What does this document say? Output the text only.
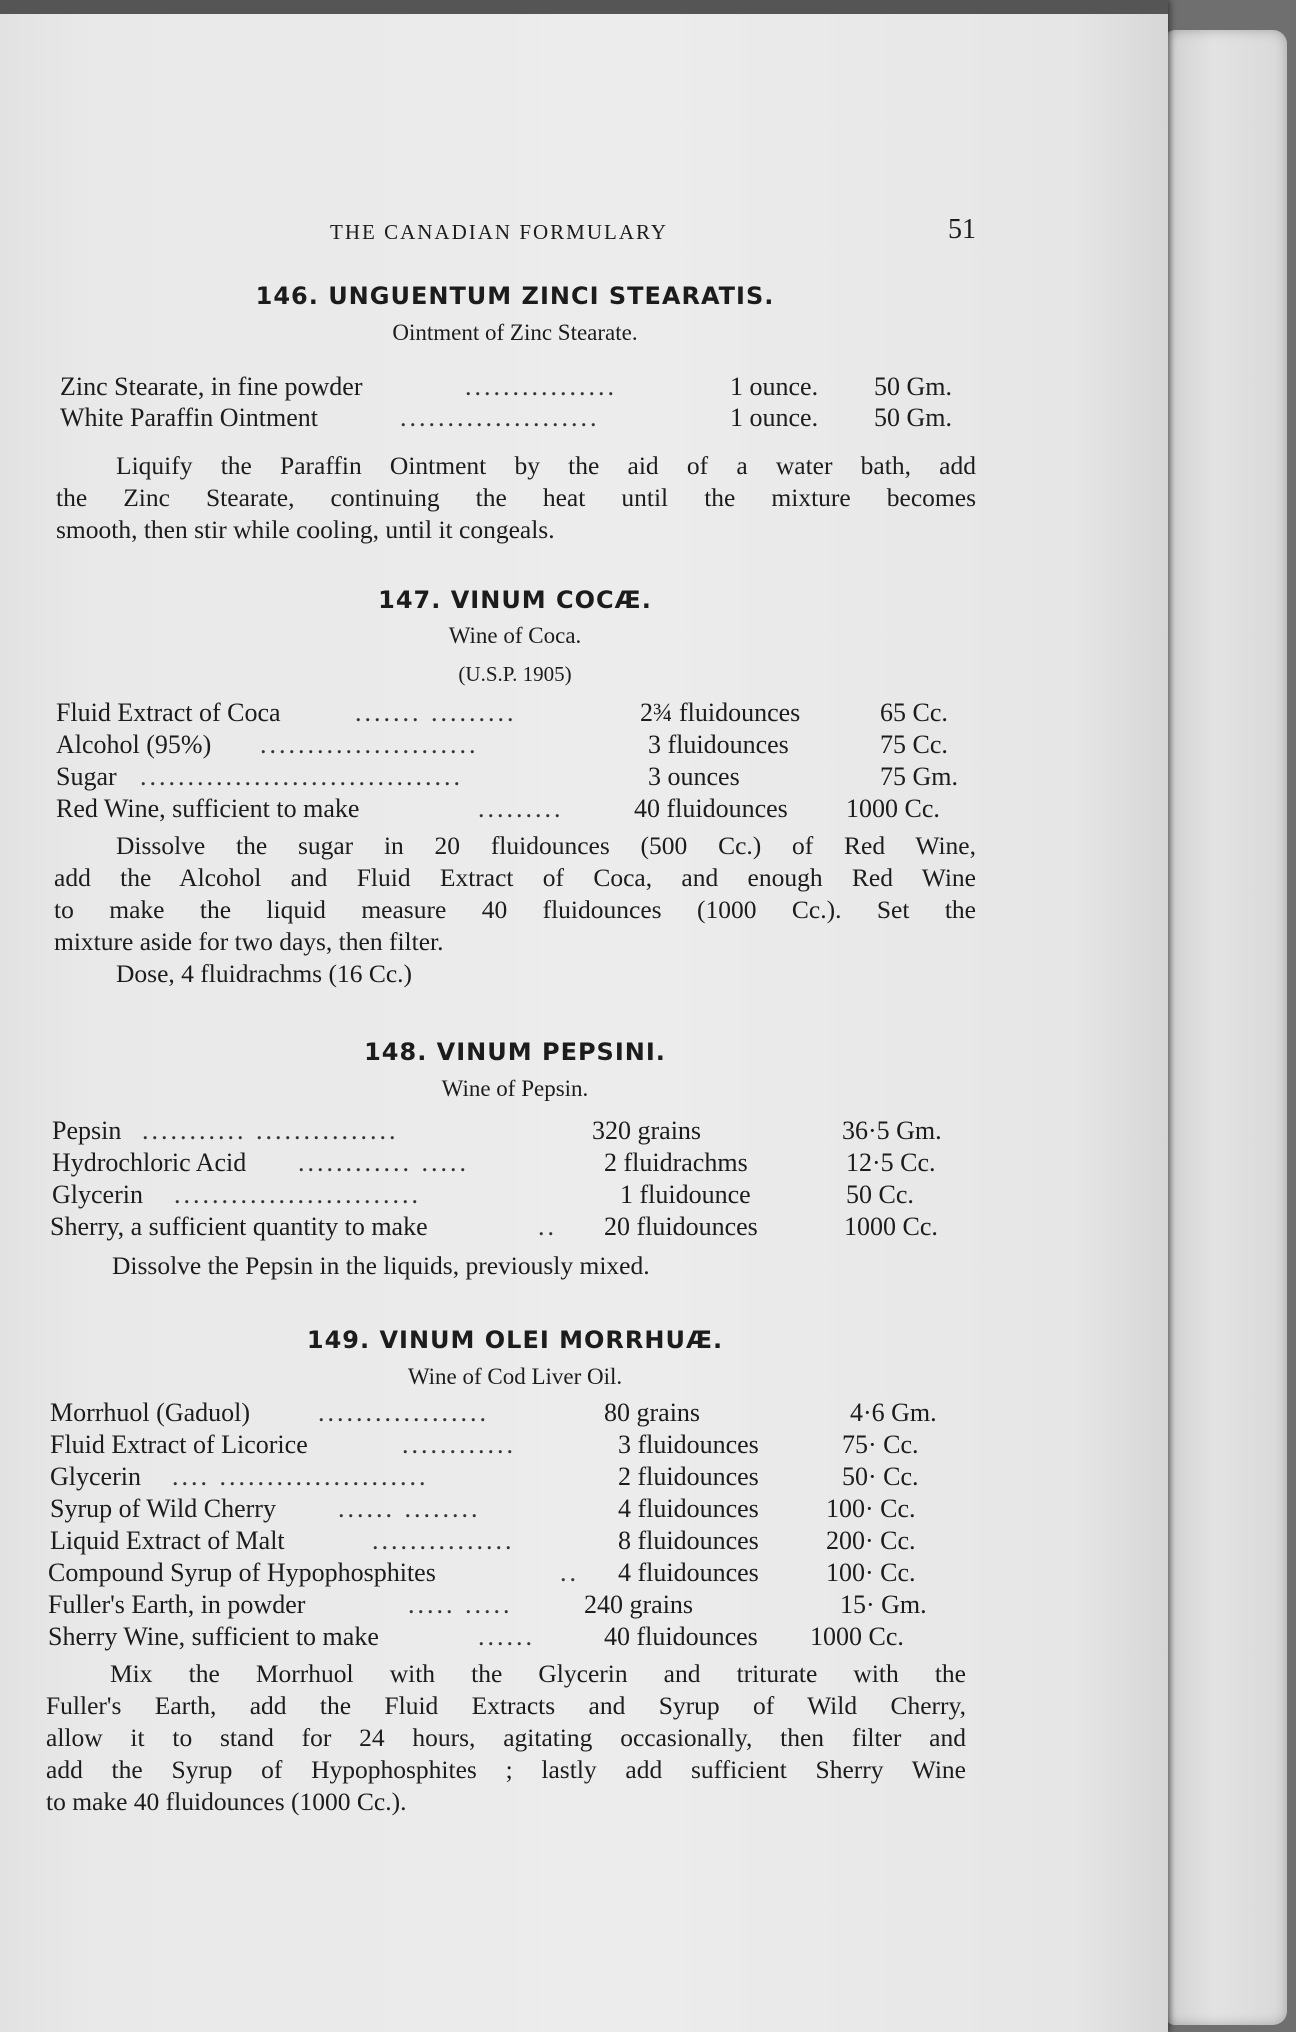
THE CANADIAN FORMULARY	51
146. UNGUENTUM ZINCI STEARATIS.
Ointment of Zinc Stearate.
Zinc Stearate, in fine powder	................	1 ounce. 50 Gm.
White Paraffin Ointment	.....................	1 ounce. 50 Gm.
Liquify the Paraffin Ointment by the aid of a water bath, add
the Zinc Stearate, continuing the heat until the mixture becomes
smooth, then stir while cooling, until it congeals.
147. VINUM COCÆ.
Wine of Coca.
(U.S.P. 1905)
Fluid Extract of Coca	....... .........	2¾ fluidounces	65 Cc.
Alcohol (95%) .......................	3 fluidounces	75 Cc.
Sugar ..................................	3 ounces	75 Gm.
Red Wine, sufficient to make	.........	40 fluidounces 1000 Cc.
Dissolve the sugar in 20 fluidounces (500 Cc.) of Red Wine,
add the Alcohol and Fluid Extract of Coca, and enough Red Wine
to make the liquid measure 40 fluidounces (1000 Cc.). Set the
mixture aside for two days, then filter.
Dose, 4 fluidrachms (16 Cc.)
148. VINUM PEPSINI.
Wine of Pepsin.
Pepsin ........... ...............	320 grains	36·5 Gm.
Hydrochloric Acid ............ .....	2 fluidrachms	12·5 Cc.
Glycerin ..........................	1 fluidounce	50 Cc.
Sherry, a sufficient quantity to make	.. 20 fluidounces	1000 Cc.
Dissolve the Pepsin in the liquids, previously mixed.
149. VINUM OLEI MORRHUÆ.
Wine of Cod Liver Oil.
Morrhuol (Gaduol)	..................	80 grains	4·6 Gm.
Fluid Extract of Licorice	............	3 fluidounces	75· Cc.
Glycerin .... ......................	2 fluidounces	50· Cc.
Syrup of Wild Cherry ...... ........	4 fluidounces	100· Cc.
Liquid Extract of Malt	...............	8 fluidounces	200· Cc.
Compound Syrup of Hypophosphites	.. 4 fluidounces	100· Cc.
Fuller's Earth, in powder	..... .....	240 grains	15· Gm.
Sherry Wine, sufficient to make	......	40 fluidounces 1000 Cc.
Mix the Morrhuol with the Glycerin and triturate with the
Fuller's Earth, add the Fluid Extracts and Syrup of Wild Cherry,
allow it to stand for 24 hours, agitating occasionally, then filter and
add the Syrup of Hypophosphites ; lastly add sufficient Sherry Wine
to make 40 fluidounces (1000 Cc.).
